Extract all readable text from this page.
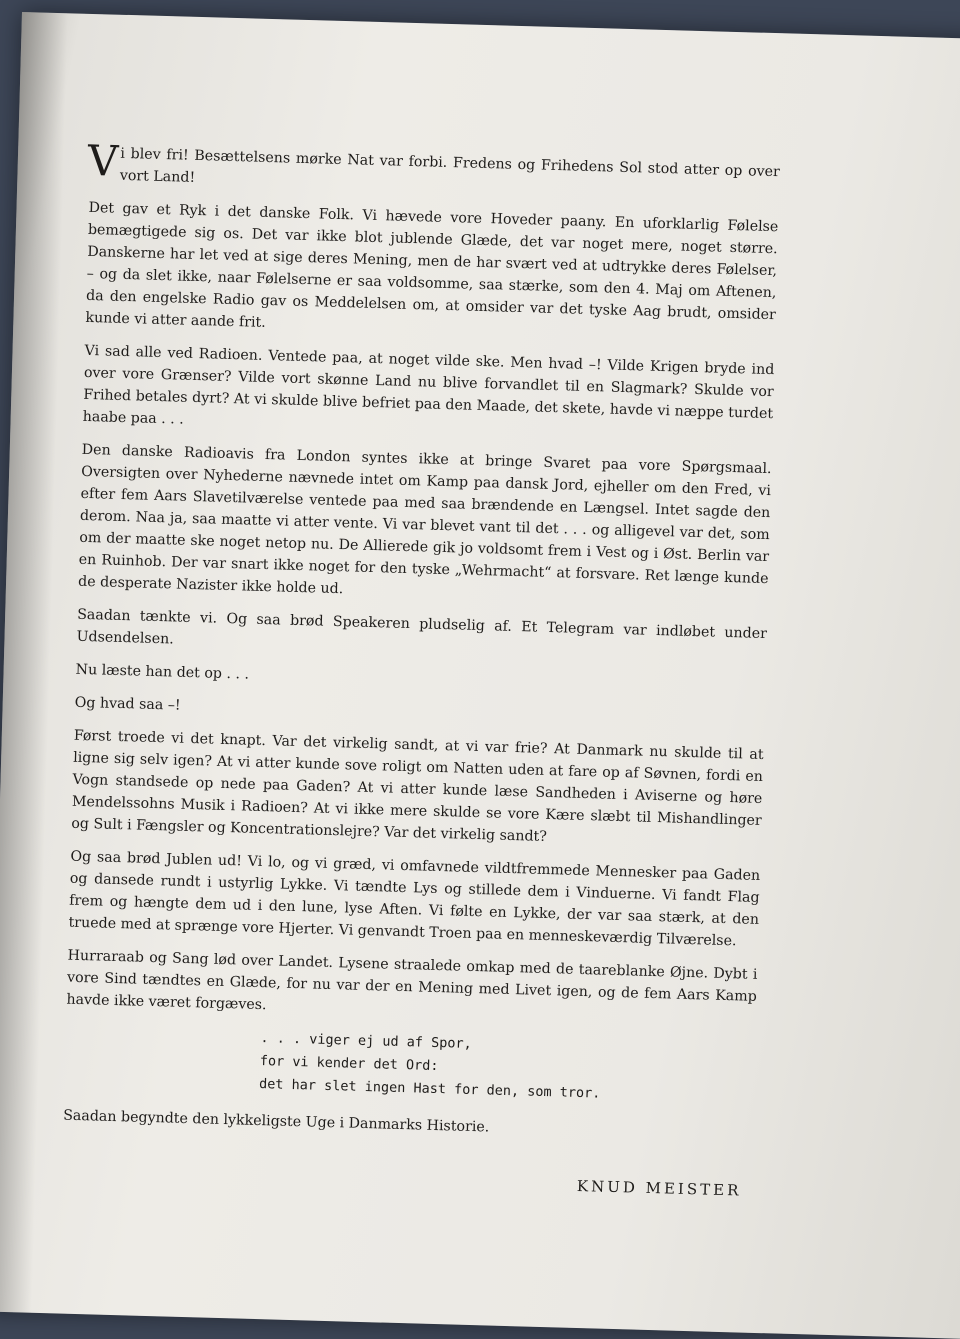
Vi blev fri! Besættelsens mørke Nat var forbi. Fredens og Frihedens Sol stod atter op over vort Land!

Det gav et Ryk i det danske Folk. Vi hævede vore Hoveder paany. En uforklarlig Følelse bemægtigede sig os. Det var ikke blot jublende Glæde, det var noget mere, noget større. Danskerne har let ved at sige deres Mening, men de har svært ved at udtrykke deres Følelser, – og da slet ikke, naar Følelserne er saa voldsomme, saa stærke, som den 4. Maj om Aftenen, da den engelske Radio gav os Meddelelsen om, at omsider var det tyske Aag brudt, omsider kunde vi atter aande frit.

Vi sad alle ved Radioen. Ventede paa, at noget vilde ske. Men hvad –! Vilde Krigen bryde ind over vore Grænser? Vilde vort skønne Land nu blive forvandlet til en Slagmark? Skulde vor Frihed betales dyrt? At vi skulde blive befriet paa den Maade, det skete, havde vi næppe turdet haabe paa . . .

Den danske Radioavis fra London syntes ikke at bringe Svaret paa vore Spørgsmaal. Oversigten over Nyhederne nævnede intet om Kamp paa dansk Jord, ejheller om den Fred, vi efter fem Aars Slavetilværelse ventede paa med saa brændende en Længsel. Intet sagde den derom. Naa ja, saa maatte vi atter vente. Vi var blevet vant til det . . . og alligevel var det, som om der maatte ske noget netop nu. De Allierede gik jo voldsomt frem i Vest og i Øst. Berlin var en Ruinhob. Der var snart ikke noget for den tyske „Wehrmacht“ at forsvare. Ret længe kunde de desperate Nazister ikke holde ud.

Saadan tænkte vi. Og saa brød Speakeren pludselig af. Et Telegram var indløbet under Udsendelsen.

Nu læste han det op . . .

Og hvad saa –!

Først troede vi det knapt. Var det virkelig sandt, at vi var frie? At Danmark nu skulde til at ligne sig selv igen? At vi atter kunde sove roligt om Natten uden at fare op af Søvnen, fordi en Vogn standsede op nede paa Gaden? At vi atter kunde læse Sandheden i Aviserne og høre Mendelssohns Musik i Radioen? At vi ikke mere skulde se vore Kære slæbt til Mishandlinger og Sult i Fængsler og Koncentrationslejre? Var det virkelig sandt?

Og saa brød Jublen ud! Vi lo, og vi græd, vi omfavnede vildtfremmede Mennesker paa Gaden og dansede rundt i ustyrlig Lykke. Vi tændte Lys og stillede dem i Vinduerne. Vi fandt Flag frem og hængte dem ud i den lune, lyse Aften. Vi følte en Lykke, der var saa stærk, at den truede med at sprænge vore Hjerter. Vi genvandt Troen paa en menneskeværdig Tilværelse.

Hurraraab og Sang lød over Landet. Lysene straalede omkap med de taareblanke Øjne. Dybt i vore Sind tændtes en Glæde, for nu var der en Mening med Livet igen, og de fem Aars Kamp havde ikke været forgæves.

. . . viger ej ud af Spor,
for vi kender det Ord:
det har slet ingen Hast for den, som tror.

Saadan begyndte den lykkeligste Uge i Danmarks Historie.

KNUD MEISTER
